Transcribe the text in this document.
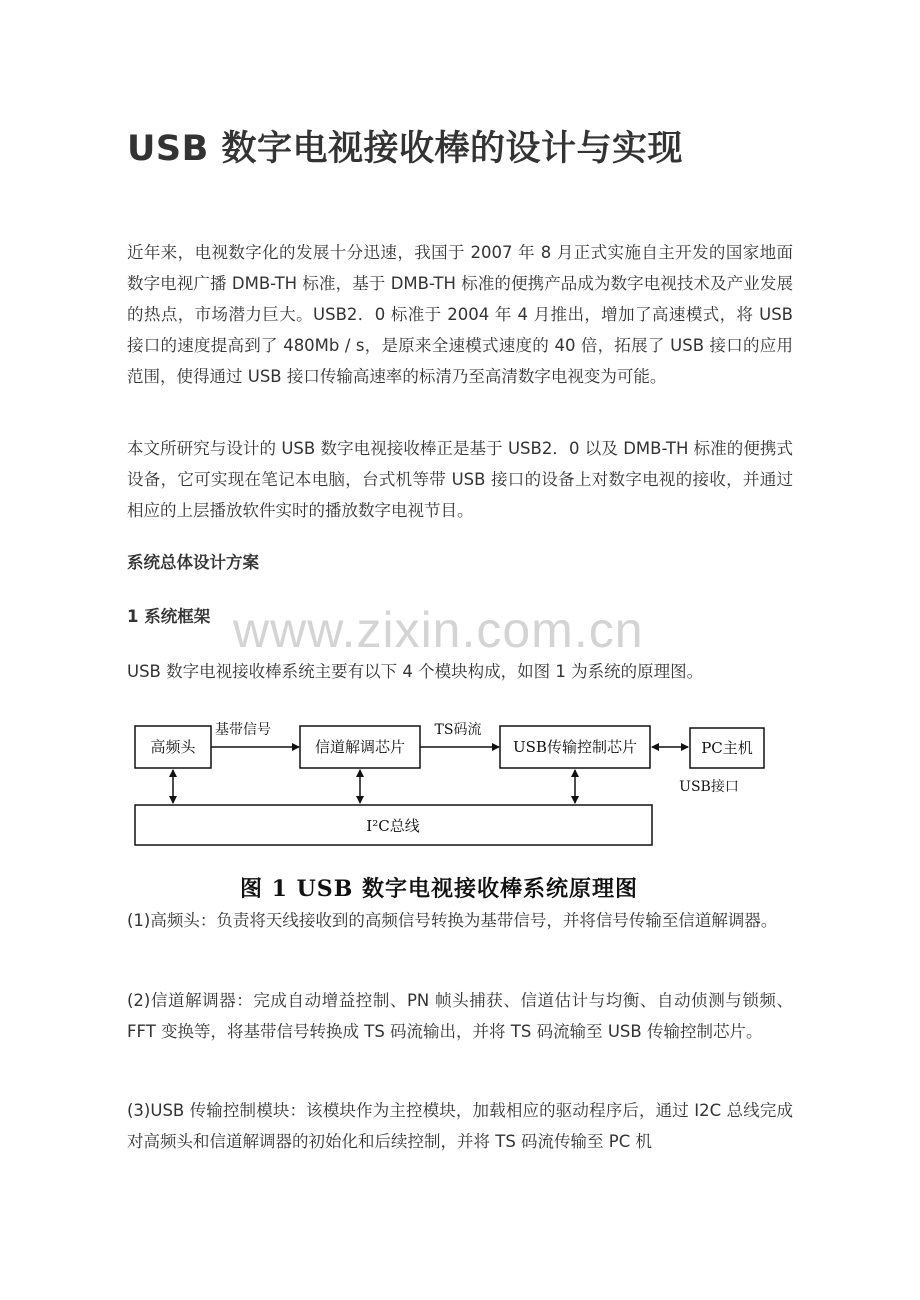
USB 数字电视接收棒的设计与实现

近年来，电视数字化的发展十分迅速，我国于 2007 年 8 月正式实施自主开发的国家地面数字电视广播 DMB-TH 标准，基于 DMB-TH 标准的便携产品成为数字电视技术及产业发展的热点，市场潜力巨大。USB2．0 标准于 2004 年 4 月推出，增加了高速模式，将 USB 接口的速度提高到了 480Mb / s，是原来全速模式速度的 40 倍，拓展了 USB 接口的应用范围，使得通过 USB 接口传输高速率的标清乃至高清数字电视变为可能。

本文所研究与设计的 USB 数字电视接收棒正是基于 USB2．0 以及 DMB-TH 标准的便携式设备，它可实现在笔记本电脑，台式机等带 USB 接口的设备上对数字电视的接收，并通过相应的上层播放软件实时的播放数字电视节目。

系统总体设计方案
1 系统框架 www.zixin.com.cn

USB 数字电视接收棒系统主要有以下 4 个模块构成，如图 1 为系统的原理图。

高频头	信道解调芯片	USB传输控制芯片	PC主机
I²C总线
基带信号	TS码流
USB接口
图 1 USB 数字电视接收棒系统原理图

(1)高频头：负责将天线接收到的高频信号转换为基带信号，并将信号传输至信道解调器。

(2)信道解调器：完成自动增益控制、PN 帧头捕获、信道估计与均衡、自动侦测与锁频、FFT 变换等，将基带信号转换成 TS 码流输出，并将 TS 码流输至 USB 传输控制芯片。

(3)USB 传输控制模块：该模块作为主控模块，加载相应的驱动程序后，通过 I2C 总线完成对高频头和信道解调器的初始化和后续控制，并将 TS 码流传输至 PC 机
